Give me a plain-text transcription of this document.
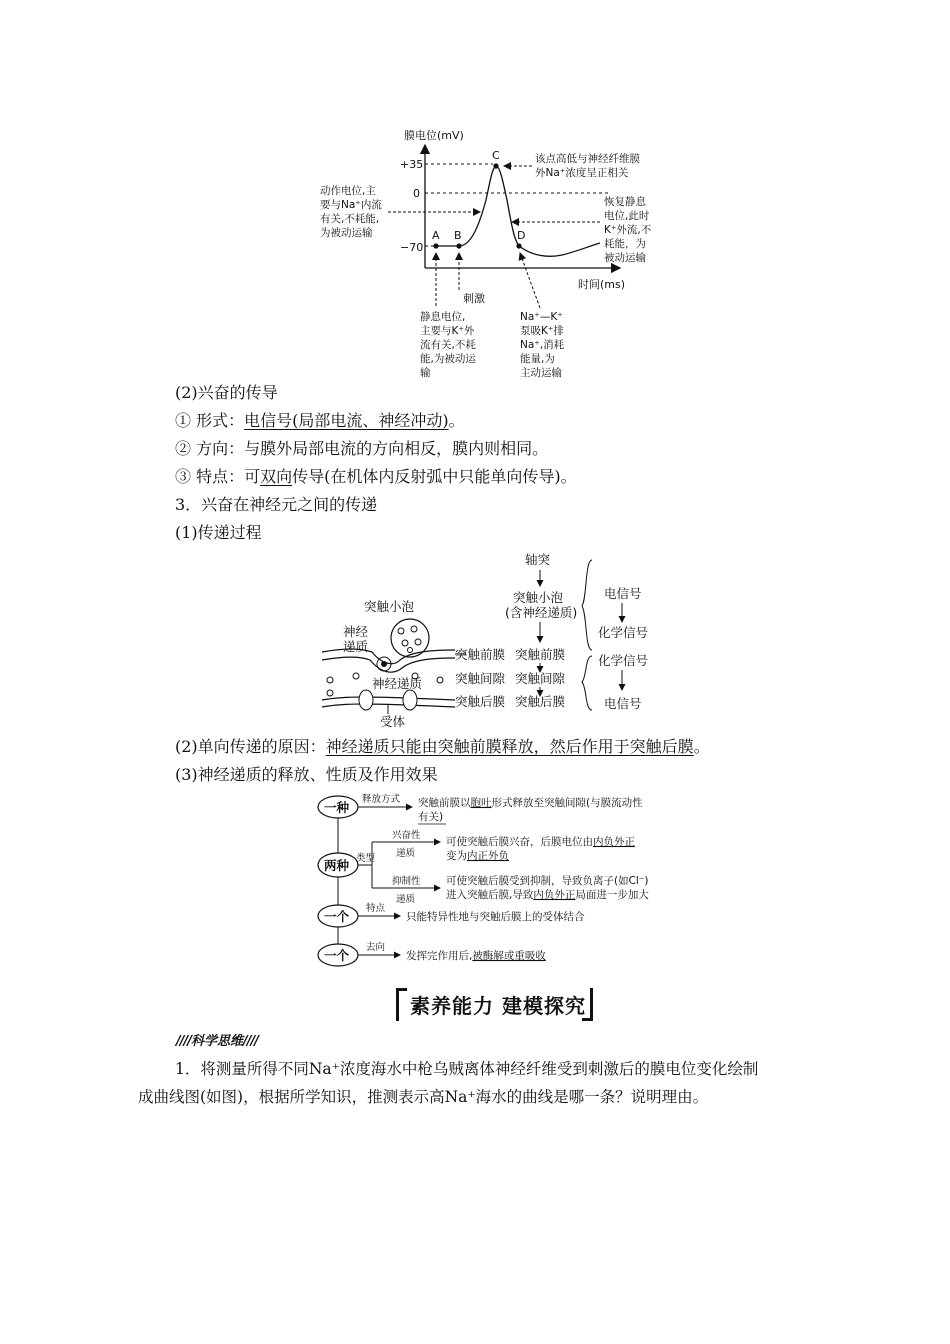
膜电位(mV)
时间(ms)
+35
0
−70
A B
C
D
该点高低与神经纤维膜
外Na⁺浓度呈正相关
动作电位,主
要与Na⁺内流
有关,不耗能,
为被动运输
恢复静息
电位,此时
K⁺外流,不
耗能，为
被动运输
刺激
静息电位,
主要与K⁺外
流有关,不耗
能,为被动运
输
Na⁺—K⁺
泵吸K⁺排
Na⁺,消耗
能量,为
主动运输
(2)兴奋的传导
① 形式：电信号(局部电流、神经冲动)。
② 方向：与膜外局部电流的方向相反，膜内则相同。
③ 特点：可双向传导(在机体内反射弧中只能单向传导)。
3．兴奋在神经元之间的传递
(1)传递过程
突触小泡
神经
递质
神经递质
受体
突触前膜
突触间隙
突触后膜
轴突
突触小泡
(含神经递质)
突触前膜
突触间隙
突触后膜
电信号
化学信号
化学信号
电信号
(2)单向传递的原因：神经递质只能由突触前膜释放，然后作用于突触后膜。
(3)神经递质的释放、性质及作用效果
一种
两种
一个
一个
释放方式 突触前膜以胞吐形式释放至突触间隙(与膜流动性
有关)
类型
兴奋性
递质
抑制性
递质
可使突触后膜兴奋，后膜电位由内负外正
变为内正外负
可使突触后膜受到抑制，导致负离子(如Cl⁻)
进入突触后膜,导致内负外正局面进一步加大
特点
只能特异性地与突触后膜上的受体结合
去向
发挥完作用后,被酶解或重吸收
素养能力 建模探究
////科学思维////
1．将测量所得不同Na⁺浓度海水中枪乌贼离体神经纤维受到刺激后的膜电位变化绘制
成曲线图(如图)，根据所学知识，推测表示高Na⁺海水的曲线是哪一条？说明理由。
